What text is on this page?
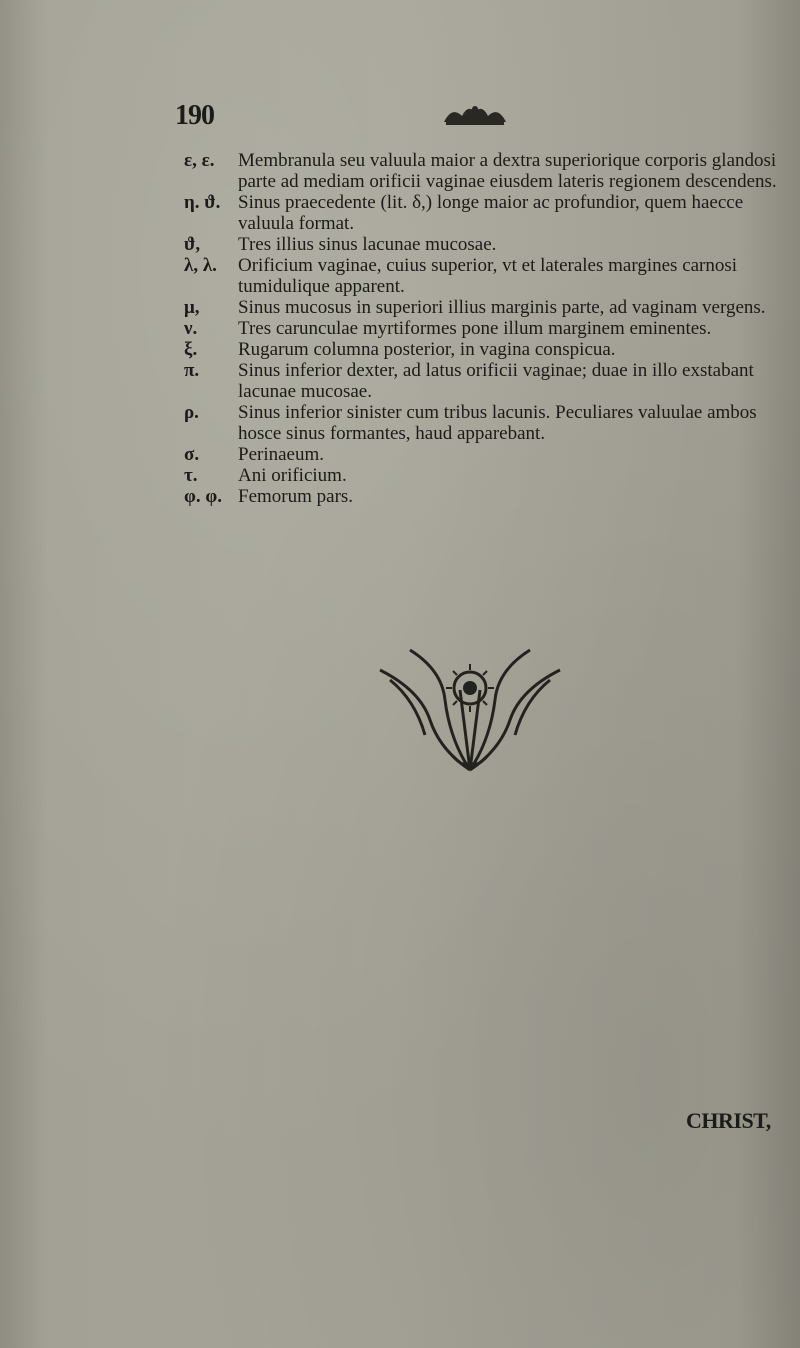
190

ε, ε. Membranula seu valuula maior a dextra superiorique corporis glandosi parte ad mediam orificii vaginae eiusdem lateris regionem descendens.

η. ϑ. Sinus praecedente (lit. δ,) longe maior ac profundior, quem haecce valuula format.

ϑ, Tres illius sinus lacunae mucosae.

λ, λ. Orificium vaginae, cuius superior, vt et laterales margines carnosi tumidulique apparent.

μ, Sinus mucosus in superiori illius marginis parte, ad vaginam vergens.

ν. Tres carunculae myrtiformes pone illum marginem eminentes.

ξ. Rugarum columna posterior, in vagina conspicua.

π. Sinus inferior dexter, ad latus orificii vaginae; duae in illo exstabant lacunae mucosae.

ρ. Sinus inferior sinister cum tribus lacunis. Peculiares valuulae ambos hosce sinus formantes, haud apparebant.

σ. Perinaeum.

τ. Ani orificium.

φ. φ. Femorum pars.

CHRIST,
